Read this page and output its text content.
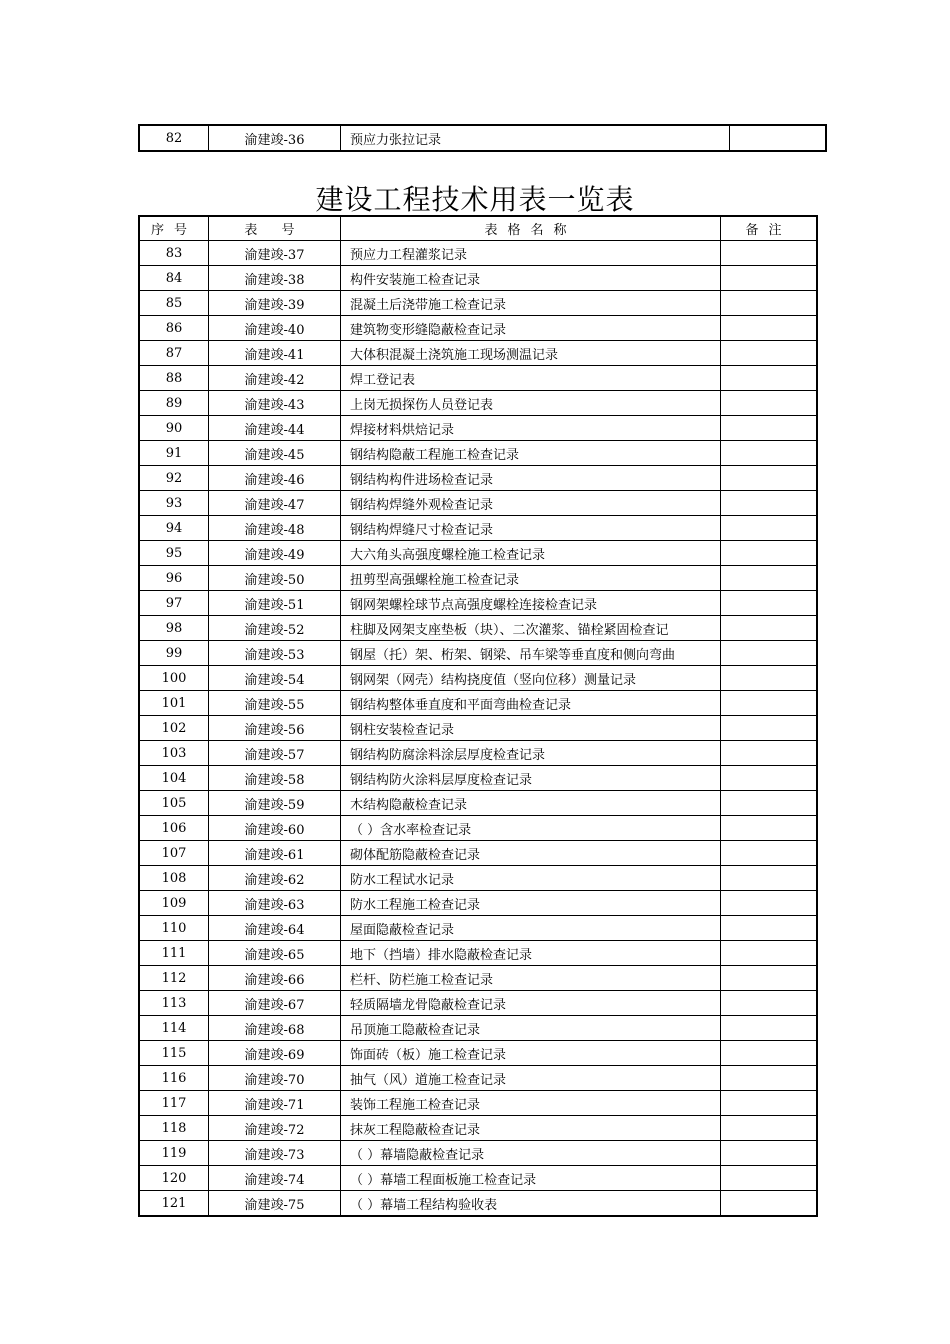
82	渝建竣-36	预应力张拉记录	
建设工程技术用表一览表
序号	表 号	表格名称	备注
83	渝建竣-37	预应力工程灌浆记录	
84	渝建竣-38	构件安装施工检查记录	
85	渝建竣-39	混凝土后浇带施工检查记录	
86	渝建竣-40	建筑物变形缝隐蔽检查记录	
87	渝建竣-41	大体积混凝土浇筑施工现场测温记录	
88	渝建竣-42	焊工登记表	
89	渝建竣-43	上岗无损探伤人员登记表	
90	渝建竣-44	焊接材料烘焙记录	
91	渝建竣-45	钢结构隐蔽工程施工检查记录	
92	渝建竣-46	钢结构构件进场检查记录	
93	渝建竣-47	钢结构焊缝外观检查记录	
94	渝建竣-48	钢结构焊缝尺寸检查记录	
95	渝建竣-49	大六角头高强度螺栓施工检查记录	
96	渝建竣-50	扭剪型高强螺栓施工检查记录	
97	渝建竣-51	钢网架螺栓球节点高强度螺栓连接检查记录	
98	渝建竣-52	柱脚及网架支座垫板（块）、二次灌浆、锚栓紧固检查记	
99	渝建竣-53	钢屋（托）架、桁架、钢梁、吊车梁等垂直度和侧向弯曲	
100	渝建竣-54	钢网架（网壳）结构挠度值（竖向位移）测量记录	
101	渝建竣-55	钢结构整体垂直度和平面弯曲检查记录	
102	渝建竣-56	钢柱安装检查记录	
103	渝建竣-57	钢结构防腐涂料涂层厚度检查记录	
104	渝建竣-58	钢结构防火涂料层厚度检查记录	
105	渝建竣-59	木结构隐蔽检查记录	
106	渝建竣-60	（ ）含水率检查记录	
107	渝建竣-61	砌体配筋隐蔽检查记录	
108	渝建竣-62	防水工程试水记录	
109	渝建竣-63	防水工程施工检查记录	
110	渝建竣-64	屋面隐蔽检查记录	
111	渝建竣-65	地下（挡墙）排水隐蔽检查记录	
112	渝建竣-66	栏杆、防栏施工检查记录	
113	渝建竣-67	轻质隔墙龙骨隐蔽检查记录	
114	渝建竣-68	吊顶施工隐蔽检查记录	
115	渝建竣-69	饰面砖（板）施工检查记录	
116	渝建竣-70	抽气（风）道施工检查记录	
117	渝建竣-71	装饰工程施工检查记录	
118	渝建竣-72	抹灰工程隐蔽检查记录	
119	渝建竣-73	（ ）幕墙隐蔽检查记录	
120	渝建竣-74	（ ）幕墙工程面板施工检查记录	
121	渝建竣-75	（ ）幕墙工程结构验收表	
